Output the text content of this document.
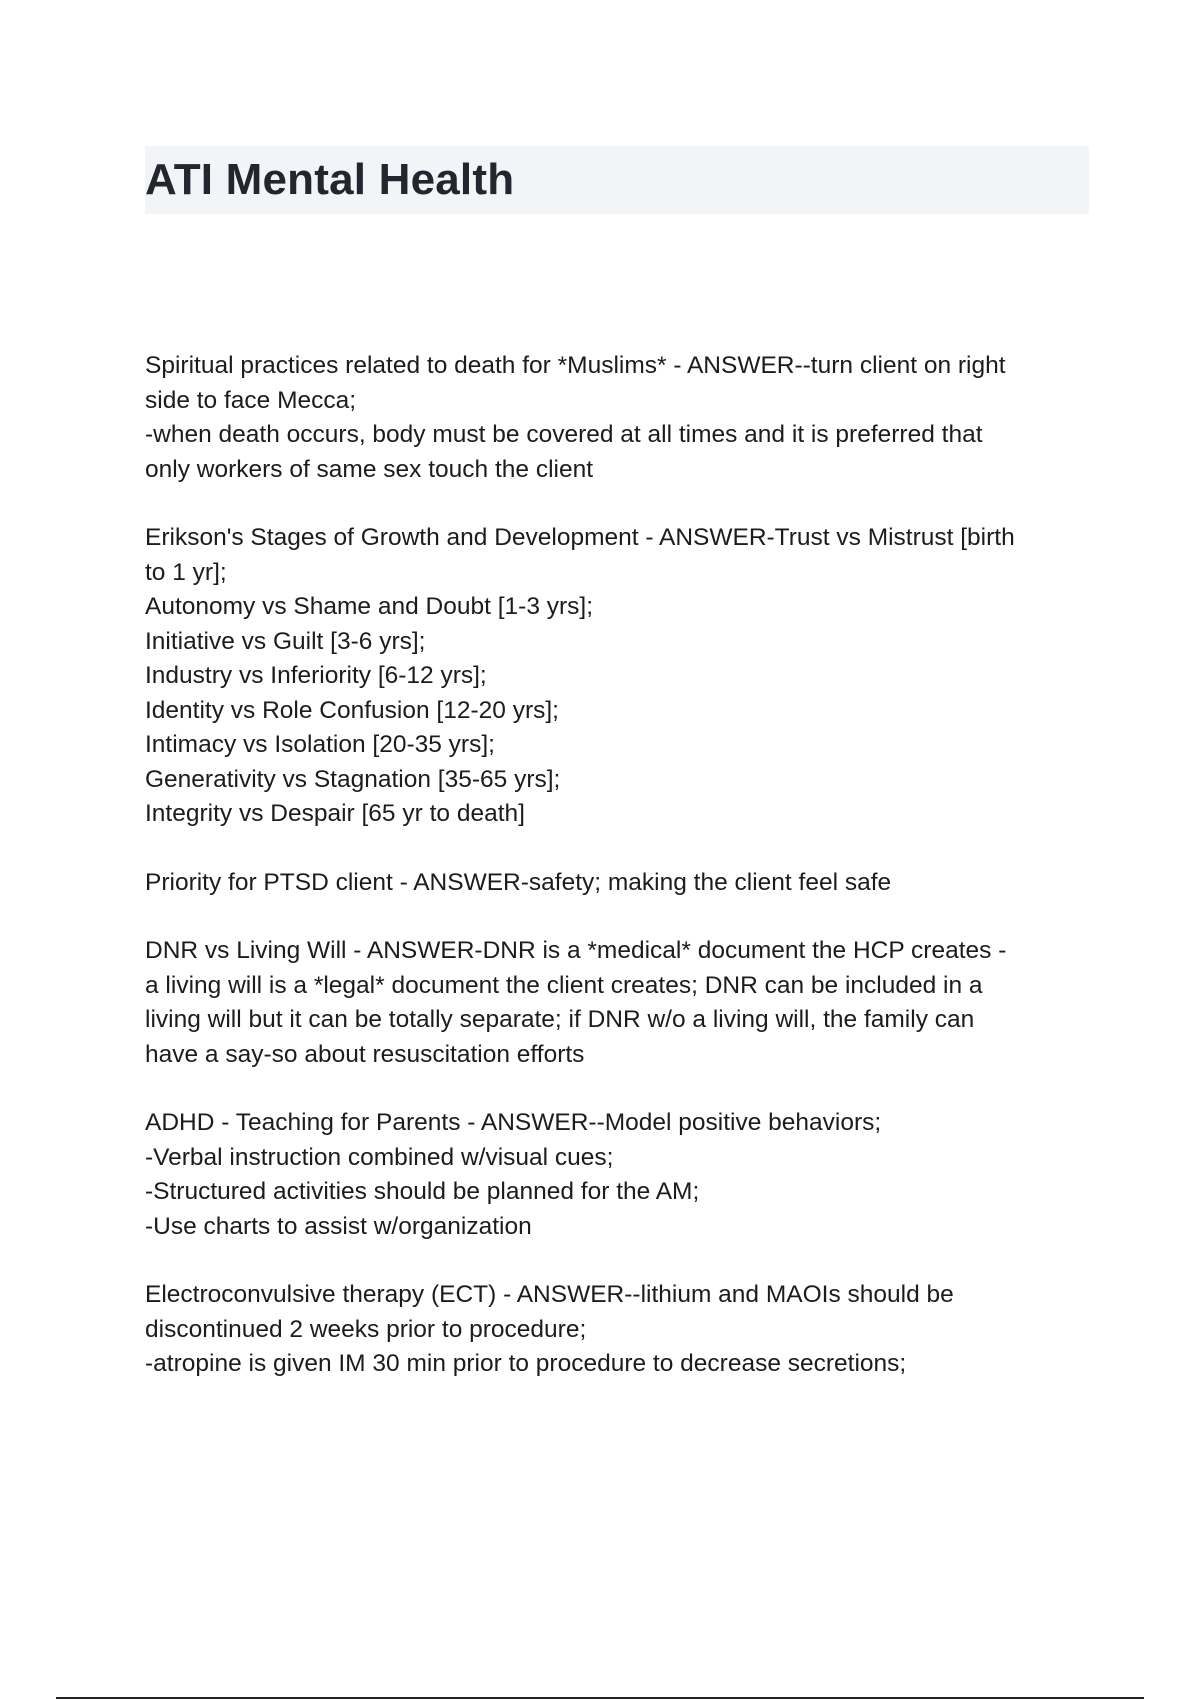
ATI Mental Health
Spiritual practices related to death for *Muslims* - ANSWER--turn client on right
side to face Mecca;
-when death occurs, body must be covered at all times and it is preferred that
only workers of same sex touch the client
Erikson's Stages of Growth and Development - ANSWER-Trust vs Mistrust [birth
to 1 yr];
Autonomy vs Shame and Doubt [1-3 yrs];
Initiative vs Guilt [3-6 yrs];
Industry vs Inferiority [6-12 yrs];
Identity vs Role Confusion [12-20 yrs];
Intimacy vs Isolation [20-35 yrs];
Generativity vs Stagnation [35-65 yrs];
Integrity vs Despair [65 yr to death]
Priority for PTSD client - ANSWER-safety; making the client feel safe
DNR vs Living Will - ANSWER-DNR is a *medical* document the HCP creates -
a living will is a *legal* document the client creates; DNR can be included in a
living will but it can be totally separate; if DNR w/o a living will, the family can
have a say-so about resuscitation efforts
ADHD - Teaching for Parents - ANSWER--Model positive behaviors;
-Verbal instruction combined w/visual cues;
-Structured activities should be planned for the AM;
-Use charts to assist w/organization
Electroconvulsive therapy (ECT) - ANSWER--lithium and MAOIs should be
discontinued 2 weeks prior to procedure;
-atropine is given IM 30 min prior to procedure to decrease secretions;
